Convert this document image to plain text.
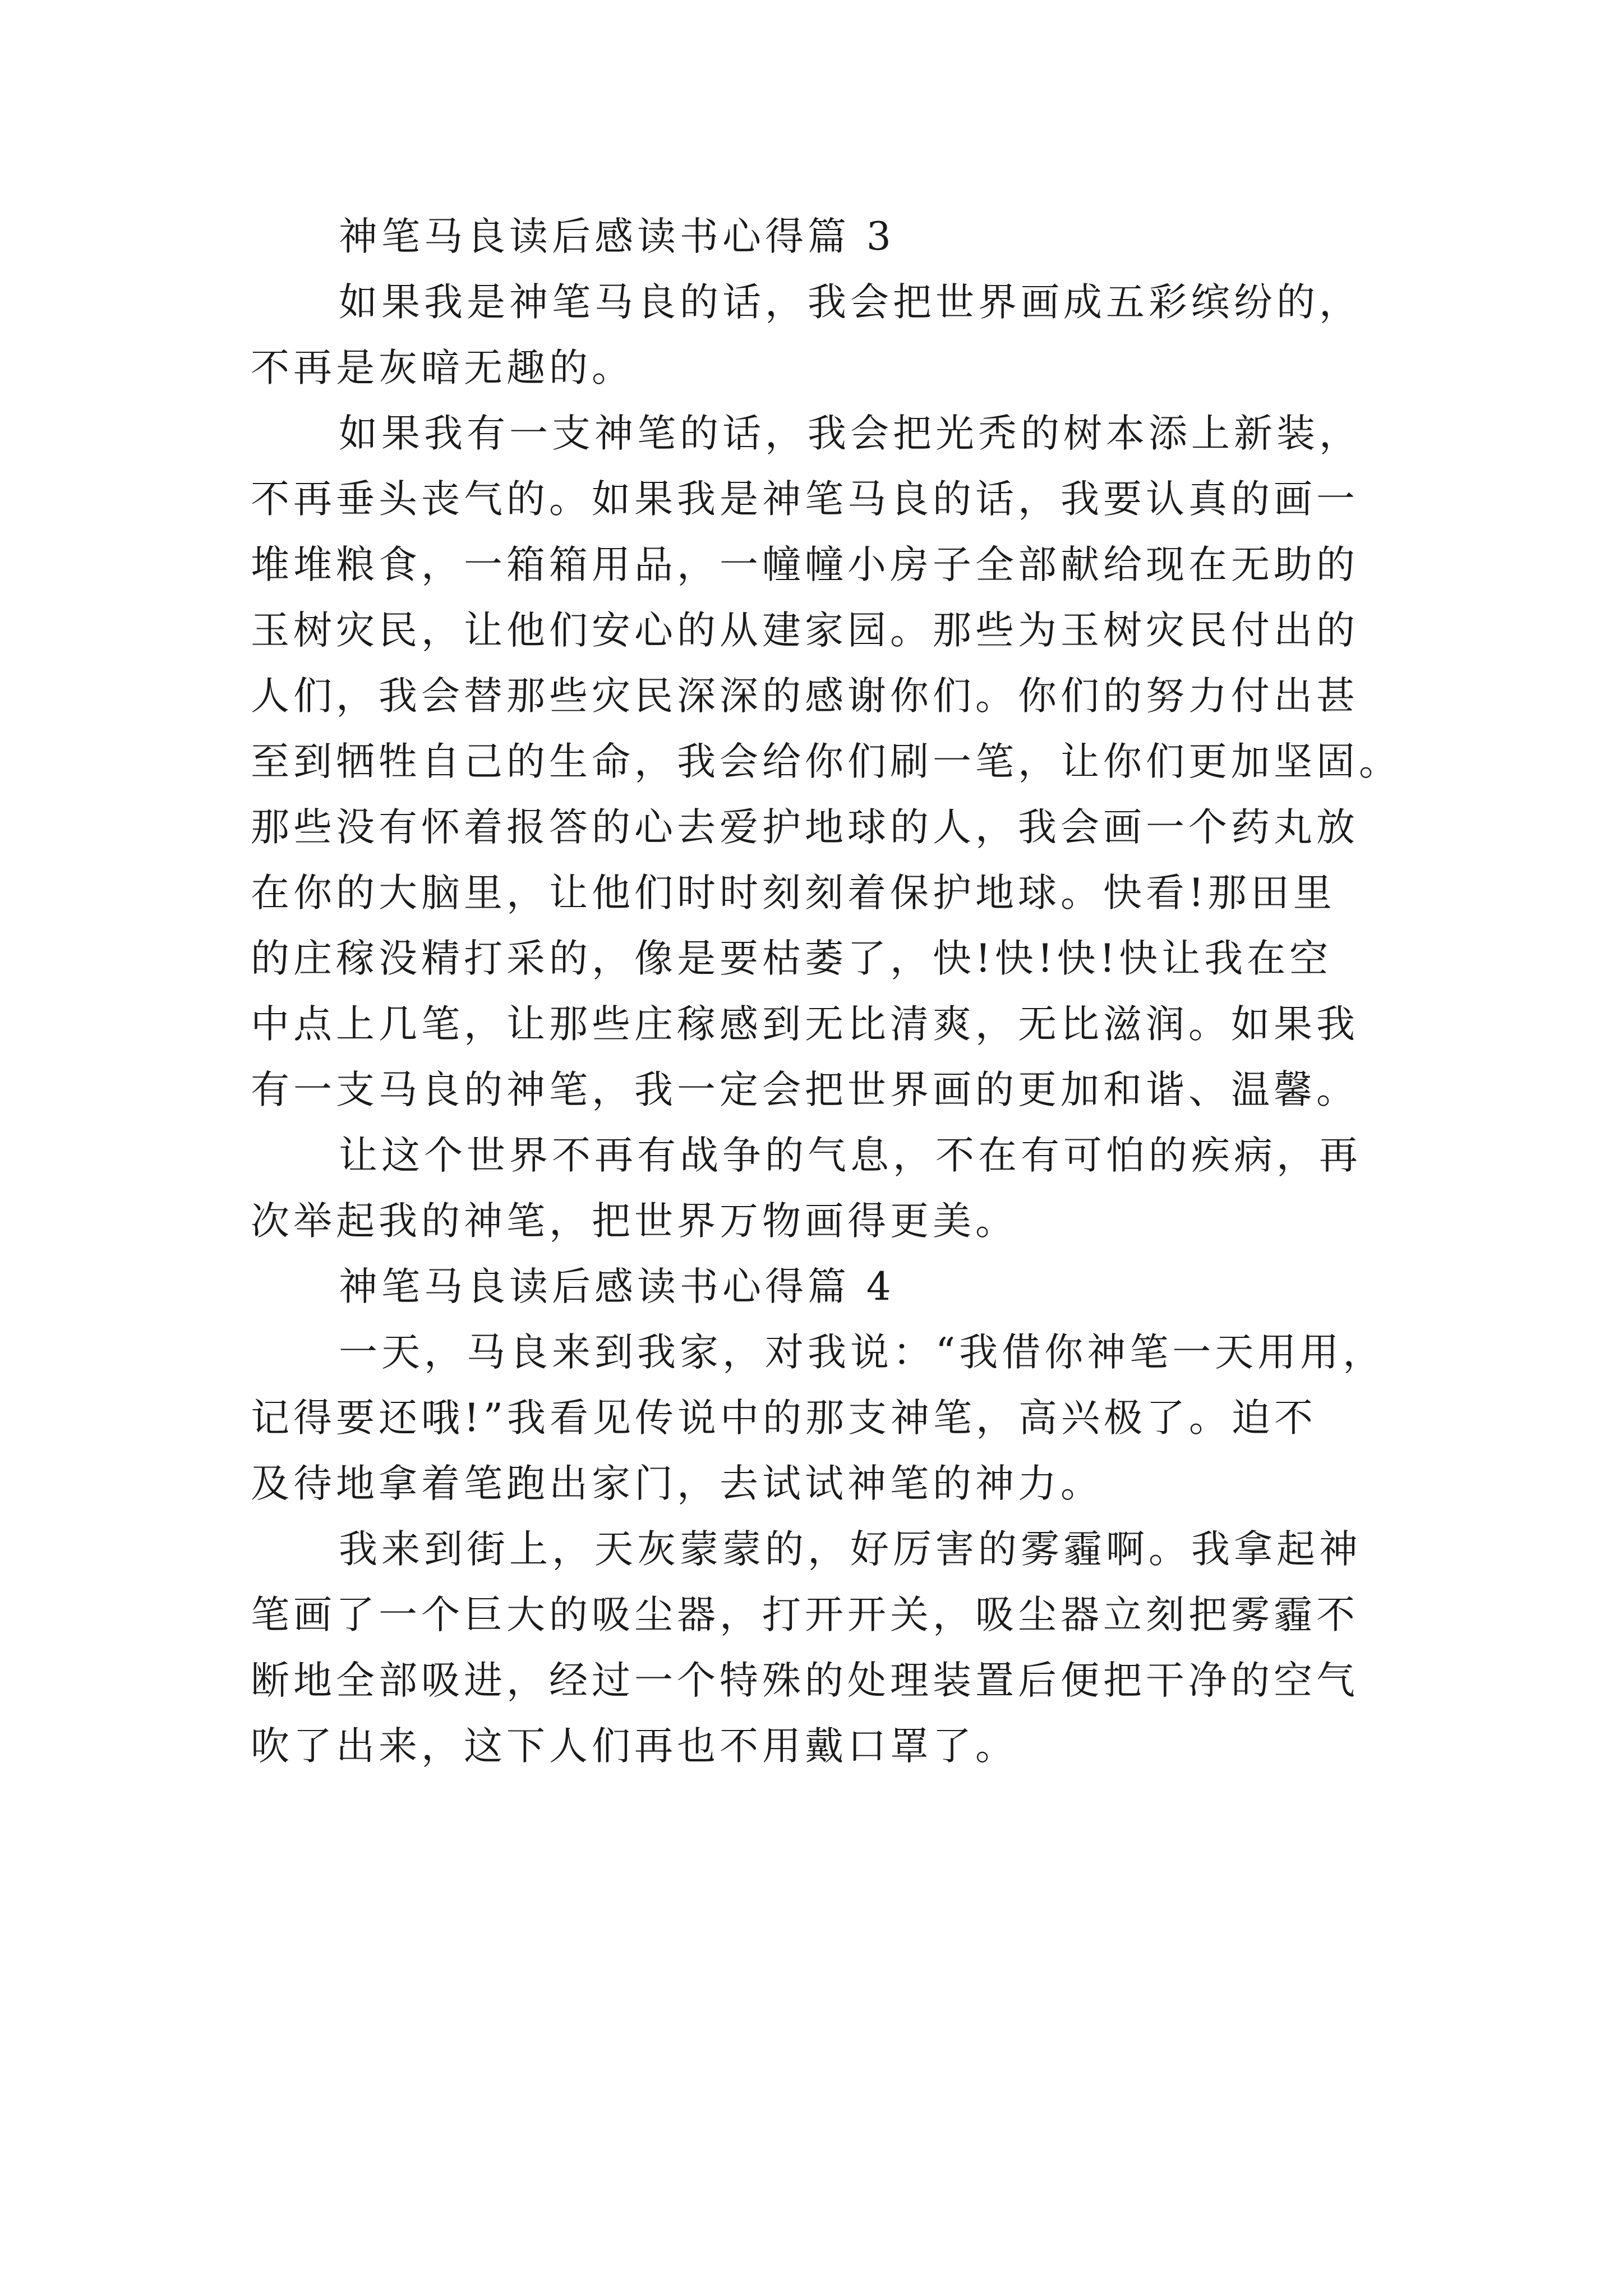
神笔马良读后感读书心得篇 3

如果我是神笔马良的话，我会把世界画成五彩缤纷的，
不再是灰暗无趣的。

如果我有一支神笔的话，我会把光秃的树本添上新装，
不再垂头丧气的。如果我是神笔马良的话，我要认真的画一
堆堆粮食，一箱箱用品，一幢幢小房子全部献给现在无助的
玉树灾民，让他们安心的从建家园。那些为玉树灾民付出的
人们，我会替那些灾民深深的感谢你们。你们的努力付出甚
至到牺牲自己的生命，我会给你们刷一笔，让你们更加坚固。
那些没有怀着报答的心去爱护地球的人，我会画一个药丸放
在你的大脑里，让他们时时刻刻着保护地球。快看!那田里
的庄稼没精打采的，像是要枯萎了，快!快!快!快让我在空
中点上几笔，让那些庄稼感到无比清爽，无比滋润。如果我
有一支马良的神笔，我一定会把世界画的更加和谐、温馨。

让这个世界不再有战争的气息，不在有可怕的疾病，再
次举起我的神笔，把世界万物画得更美。

神笔马良读后感读书心得篇 4

一天，马良来到我家，对我说：“我借你神笔一天用用，
记得要还哦!”我看见传说中的那支神笔，高兴极了。迫不
及待地拿着笔跑出家门，去试试神笔的神力。

我来到街上，天灰蒙蒙的，好厉害的雾霾啊。我拿起神
笔画了一个巨大的吸尘器，打开开关，吸尘器立刻把雾霾不
断地全部吸进，经过一个特殊的处理装置后便把干净的空气
吹了出来，这下人们再也不用戴口罩了。
